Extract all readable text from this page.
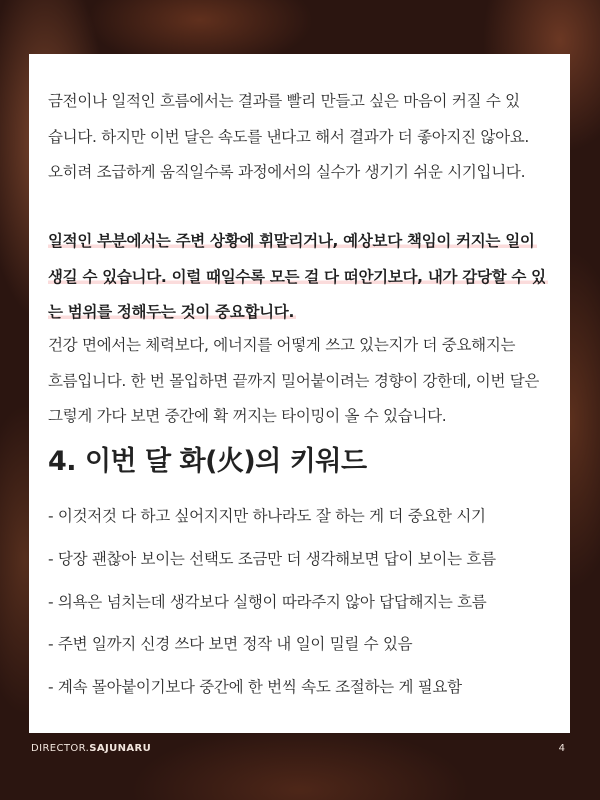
금전이나 일적인 흐름에서는 결과를 빨리 만들고 싶은 마음이 커질 수 있
습니다. 하지만 이번 달은 속도를 낸다고 해서 결과가 더 좋아지진 않아요.
오히려 조급하게 움직일수록 과정에서의 실수가 생기기 쉬운 시기입니다.

일적인 부분에서는 주변 상황에 휘말리거나, 예상보다 책임이 커지는 일이
생길 수 있습니다. 이럴 때일수록 모든 걸 다 떠안기보다, 내가 감당할 수 있
는 범위를 정해두는 것이 중요합니다.

건강 면에서는 체력보다, 에너지를 어떻게 쓰고 있는지가 더 중요해지는
흐름입니다. 한 번 몰입하면 끝까지 밀어붙이려는 경향이 강한데, 이번 달은
그렇게 가다 보면 중간에 확 꺼지는 타이밍이 올 수 있습니다.

4. 이번 달 화(火)의 키워드
- 이것저것 다 하고 싶어지지만 하나라도 잘 하는 게 더 중요한 시기
- 당장 괜찮아 보이는 선택도 조금만 더 생각해보면 답이 보이는 흐름
- 의욕은 넘치는데 생각보다 실행이 따라주지 않아 답답해지는 흐름
- 주변 일까지 신경 쓰다 보면 정작 내 일이 밀릴 수 있음
- 계속 몰아붙이기보다 중간에 한 번씩 속도 조절하는 게 필요함
DIRECTOR.SAJUNARU	4
